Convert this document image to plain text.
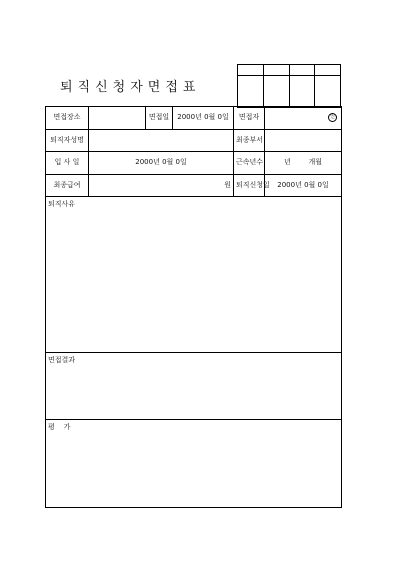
퇴직신청자면접표

면접장소		면접일	2000년 0월 0일	면접자	인
퇴직자성명				최종부서	
입 사 일	2000년 0월 0일			근속년수	년        개월
최종급여	원			퇴직신청일	2000년 0월 0일
퇴직사유					
면접결과					
평    가					
